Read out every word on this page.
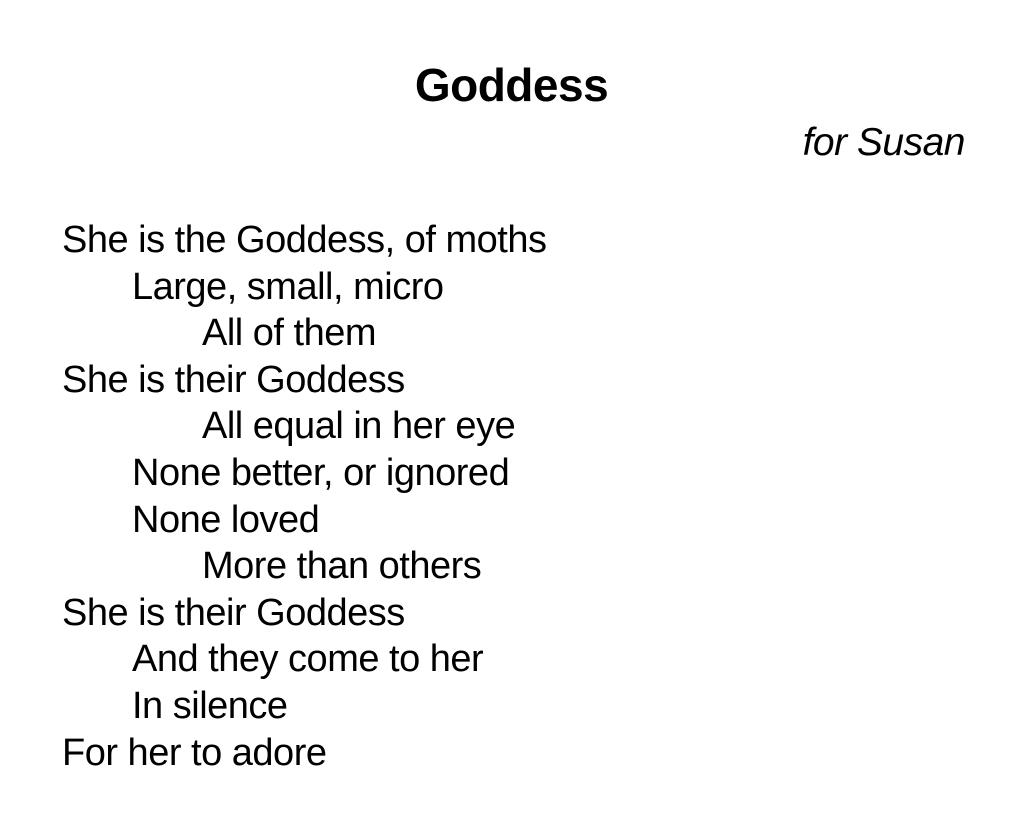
Goddess
for Susan
She is the Goddess, of moths
Large, small, micro
All of them
She is their Goddess
All equal in her eye
None better, or ignored
None loved
More than others
She is their Goddess
And they come to her
In silence
For her to adore
